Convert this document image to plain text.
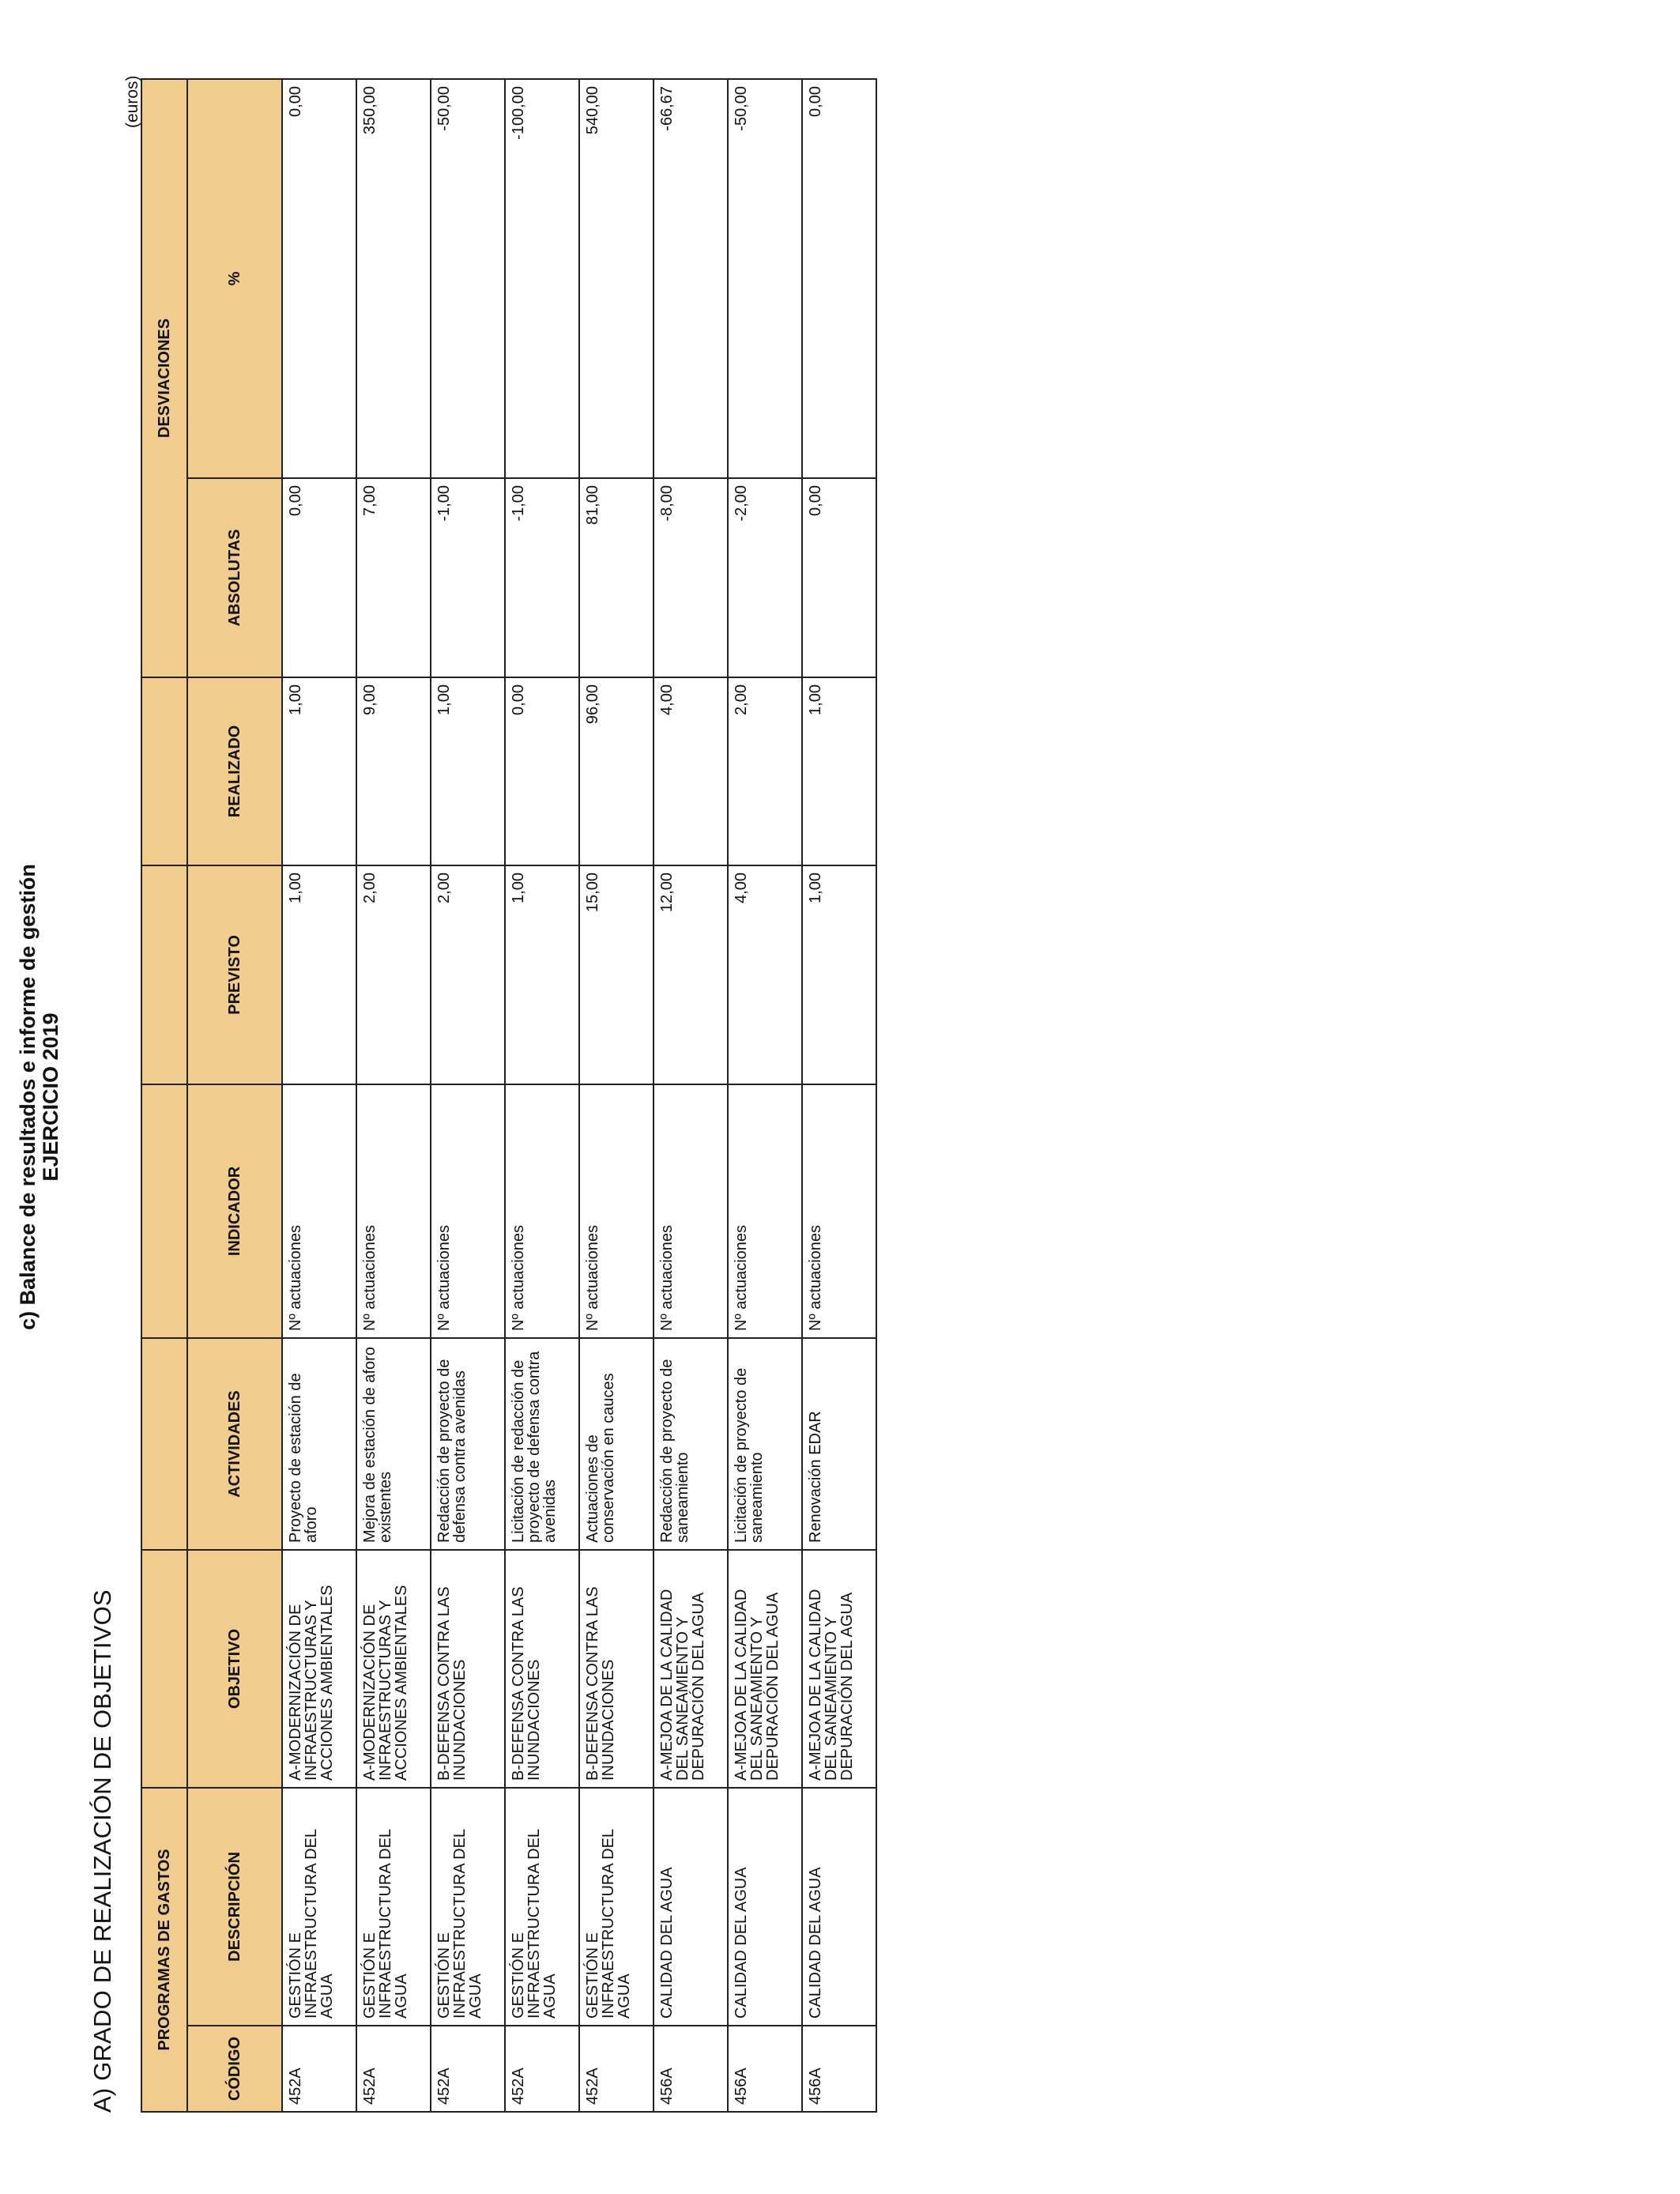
c) Balance de resultados e informe de gestión EJERCICIO 2019
A) GRADO DE REALIZACIÓN DE OBJETIVOS
(euros)
PROGRAMAS DE GASTOS							DESVIACIONES	
CÓDIGO	DESCRIPCIÓN	OBJETIVO	ACTIVIDADES	INDICADOR	PREVISTO	REALIZADO	ABSOLUTAS	%
452A	GESTIÓN E INFRAESTRUCTURA DEL AGUA	A-MODERNIZACIÓN DE INFRAESTRUCTURAS Y ACCIONES AMBIENTALES	Proyecto de estación de aforo	Nº actuaciones	1,00	1,00	0,00	0,00
452A	GESTIÓN E INFRAESTRUCTURA DEL AGUA	A-MODERNIZACIÓN DE INFRAESTRUCTURAS Y ACCIONES AMBIENTALES	Mejora de estación de aforo existentes	Nº actuaciones	2,00	9,00	7,00	350,00
452A	GESTIÓN E INFRAESTRUCTURA DEL AGUA	B-DEFENSA CONTRA LAS INUNDACIONES	Redacción de proyecto de defensa contra avenidas	Nº actuaciones	2,00	1,00	-1,00	-50,00
452A	GESTIÓN E INFRAESTRUCTURA DEL AGUA	B-DEFENSA CONTRA LAS INUNDACIONES	Licitación de redacción de proyecto de defensa contra avenidas	Nº actuaciones	1,00	0,00	-1,00	-100,00
452A	GESTIÓN E INFRAESTRUCTURA DEL AGUA	B-DEFENSA CONTRA LAS INUNDACIONES	Actuaciones de conservación en cauces	Nº actuaciones	15,00	96,00	81,00	540,00
456A	CALIDAD DEL AGUA	A-MEJOA DE LA CALIDAD DEL SANEAMIENTO Y DEPURACIÓN DEL AGUA	Redacción de proyecto de saneamiento	Nº actuaciones	12,00	4,00	-8,00	-66,67
456A	CALIDAD DEL AGUA	A-MEJOA DE LA CALIDAD DEL SANEAMIENTO Y DEPURACIÓN DEL AGUA	Licitación de proyecto de saneamiento	Nº actuaciones	4,00	2,00	-2,00	-50,00
456A	CALIDAD DEL AGUA	A-MEJOA DE LA CALIDAD DEL SANEAMIENTO Y DEPURACIÓN DEL AGUA	Renovación EDAR	Nº actuaciones	1,00	1,00	0,00	0,00
